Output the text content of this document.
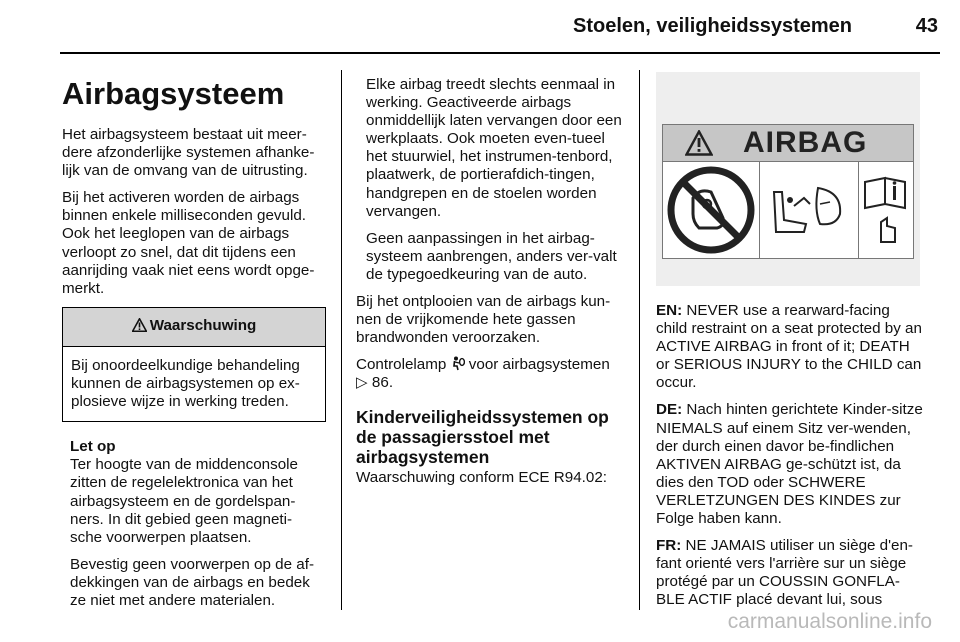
Stoelen, veiligheidssystemen	43
Airbagsysteem

Het airbagsysteem bestaat uit meer-dere afzonderlijke systemen afhanke-lijk van de omvang van de uitrusting.

Bij het activeren worden de airbags binnen enkele milliseconden gevuld. Ook het leeglopen van de airbags verloopt zo snel, dat dit tijdens een aanrijding vaak niet eens wordt opge-merkt.

Waarschuwing
Bij onoordeelkundige behandeling kunnen de airbagsystemen op ex-plosieve wijze in werking treden.
Let op

Ter hoogte van de middenconsole zitten de regelelektronica van het airbagsysteem en de gordelspan-ners. In dit gebied geen magneti-sche voorwerpen plaatsen.

Bevestig geen voorwerpen op de af-dekkingen van de airbags en bedek ze niet met andere materialen.

Elke airbag treedt slechts eenmaal in werking. Geactiveerde airbags onmiddellijk laten vervangen door een werkplaats. Ook moeten even-tueel het stuurwiel, het instrumen-tenbord, plaatwerk, de portierafdich-tingen, handgrepen en de stoelen worden vervangen.

Geen aanpassingen in het airbag-systeem aanbrengen, anders ver-valt de typegoedkeuring van de auto.

Bij het ontplooien van de airbags kun-nen de vrijkomende hete gassen brandwonden veroorzaken.

Controlelamp voor airbagsystemen
▷ 86.

Kinderveiligheidssystemen op de passagiersstoel met airbagsystemen
Waarschuwing conform ECE R94.02:
AIRBAG

EN: NEVER use a rearward-facing child restraint on a seat protected by an ACTIVE AIRBAG in front of it; DEATH or SERIOUS INJURY to the CHILD can occur.

DE: Nach hinten gerichtete Kinder-sitze NIEMALS auf einem Sitz ver-wenden, der durch einen davor be-findlichen AKTIVEN AIRBAG ge-schützt ist, da dies den TOD oder SCHWERE VERLETZUNGEN DES KINDES zur Folge haben kann.

FR: NE JAMAIS utiliser un siège d'en-fant orienté vers l'arrière sur un siège protégé par un COUSSIN GONFLA-BLE ACTIF placé devant lui, sous

carmanualsonline.info
